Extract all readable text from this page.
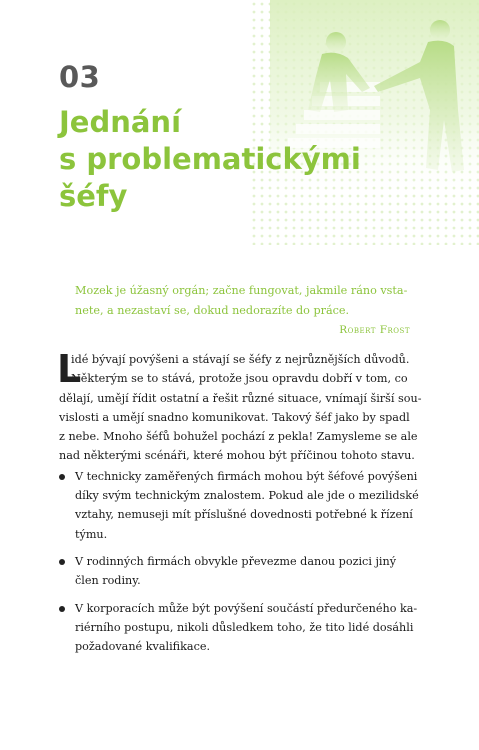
03
Jednání
s problematickými
šéfy
Mozek je úžasný orgán; začne fungovat, jakmile ráno vsta-
nete, a nezastaví se, dokud nedorazíte do práce.
Robert Frost
L
idé bývají povýšeni a stávají se šéfy z nejrůznějších důvodů.
Některým se to stává, protože jsou opravdu dobří v tom, co
dělají, umějí řídit ostatní a řešit různé situace, vnímají širší sou-
vislosti a umějí snadno komunikovat. Takový šéf jako by spadl
z nebe. Mnoho šéfů bohužel pochází z pekla! Zamysleme se ale
nad některými scénáři, které mohou být příčinou tohoto stavu.
V technicky zaměřených firmách mohou být šéfové povýšeni
díky svým technickým znalostem. Pokud ale jde o mezilidské
vztahy, nemuseji mít příslušné dovednosti potřebné k řízení
týmu.
V rodinných firmách obvykle převezme danou pozici jiný
člen rodiny.
V korporacích může být povýšení součástí předurčeného ka-
riérního postupu, nikoli důsledkem toho, že tito lidé dosáhli
požadované kvalifikace.
